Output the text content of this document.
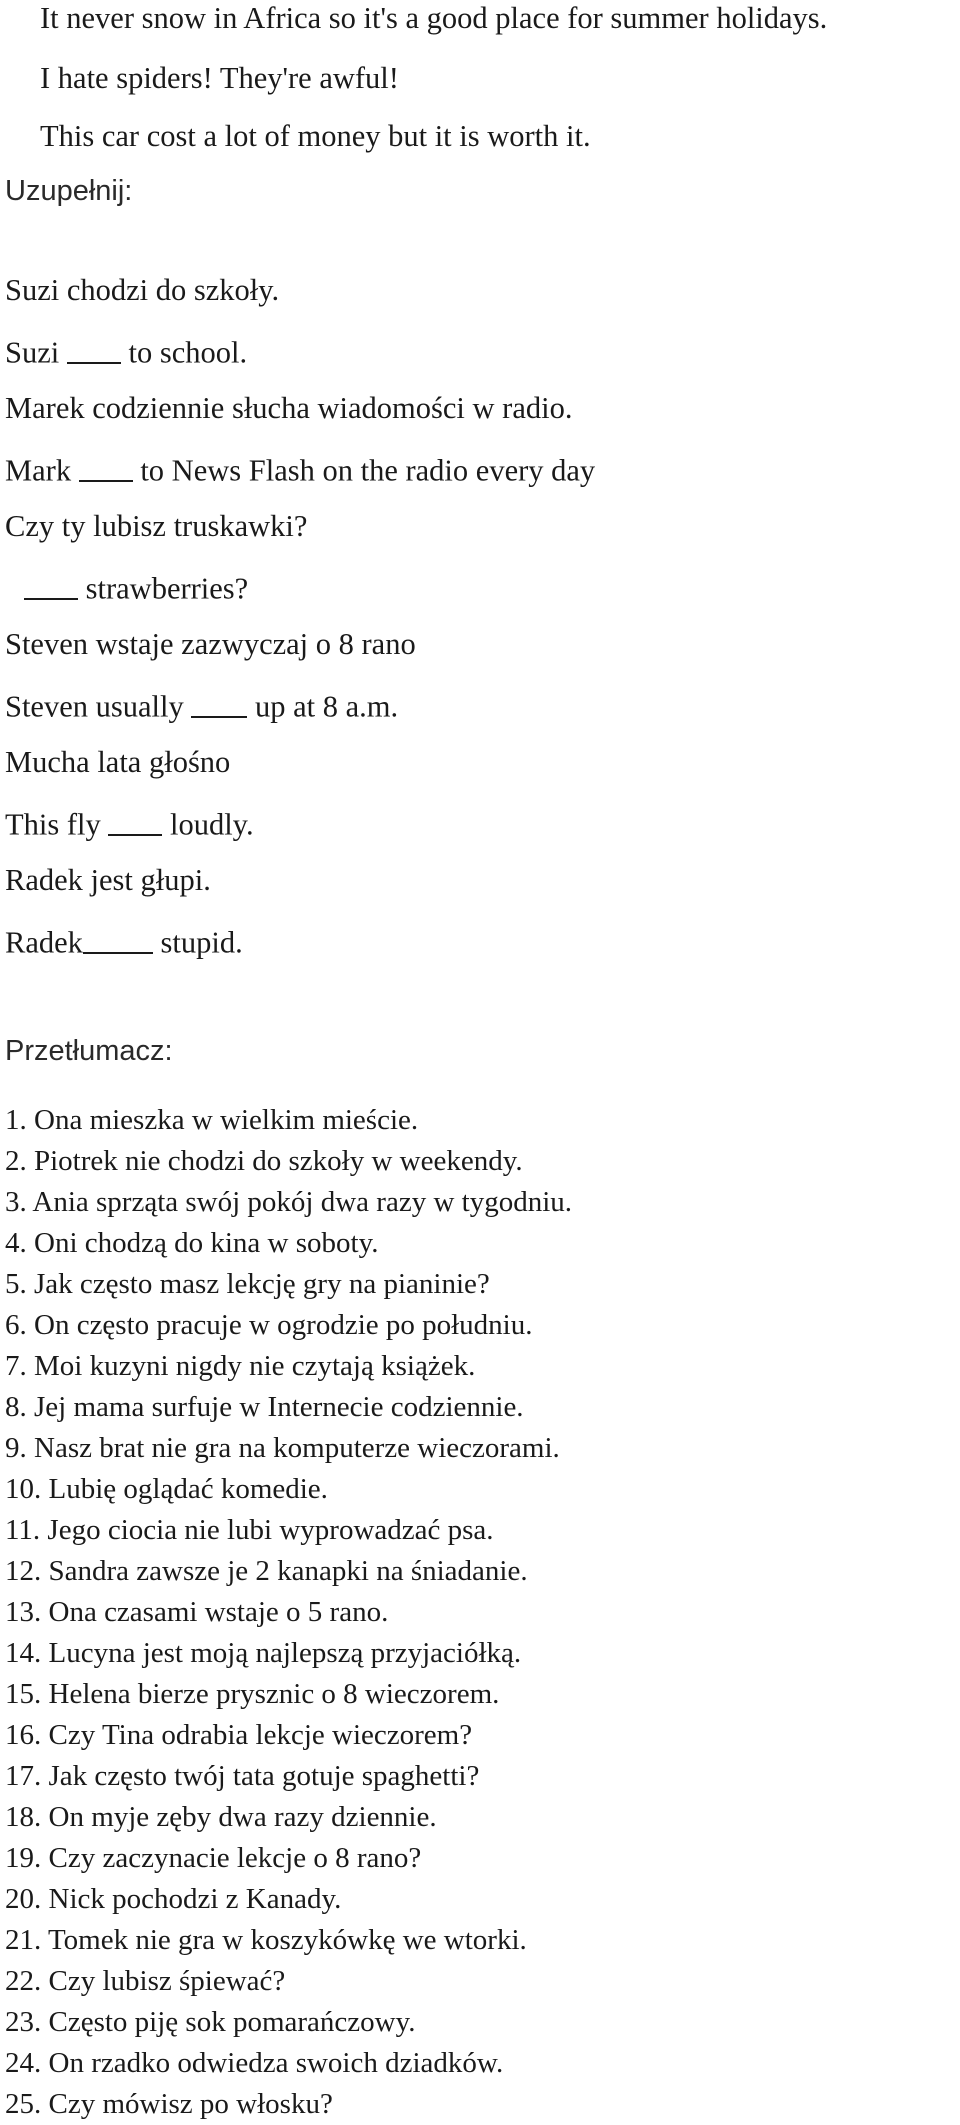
It never snow in Africa so it's a good place for summer holidays.
I hate spiders! They're awful!
This car cost a lot of money but it is worth it.
Uzupełnij:
Suzi chodzi do szkoły.
Suzi  to school.
Marek codziennie słucha wiadomości w radio.
Mark  to News Flash on the radio every day
Czy ty lubisz truskawki?
strawberries?
Steven wstaje zazwyczaj o 8 rano
Steven usually  up at 8 a.m.
Mucha lata głośno
This fly  loudly.
Radek jest głupi.
Radek stupid.
Przetłumacz:
1. Ona mieszka w wielkim mieście.
2. Piotrek nie chodzi do szkoły w weekendy.
3. Ania sprząta swój pokój dwa razy w tygodniu.
4. Oni chodzą do kina w soboty.
5. Jak często masz lekcję gry na pianinie?
6. On często pracuje w ogrodzie po południu.
7. Moi kuzyni nigdy nie czytają książek.
8. Jej mama surfuje w Internecie codziennie.
9. Nasz brat nie gra na komputerze wieczorami.
10. Lubię oglądać komedie.
11. Jego ciocia nie lubi wyprowadzać psa.
12. Sandra zawsze je 2 kanapki na śniadanie.
13. Ona czasami wstaje o 5 rano.
14. Lucyna jest moją najlepszą przyjaciółką.
15. Helena bierze prysznic o 8 wieczorem.
16. Czy Tina odrabia lekcje wieczorem?
17. Jak często twój tata gotuje spaghetti?
18. On myje zęby dwa razy dziennie.
19. Czy zaczynacie lekcje o 8 rano?
20. Nick pochodzi z Kanady.
21. Tomek nie gra w koszykówkę we wtorki.
22. Czy lubisz śpiewać?
23. Często piję sok pomarańczowy.
24. On rzadko odwiedza swoich dziadków.
25. Czy mówisz po włosku?
